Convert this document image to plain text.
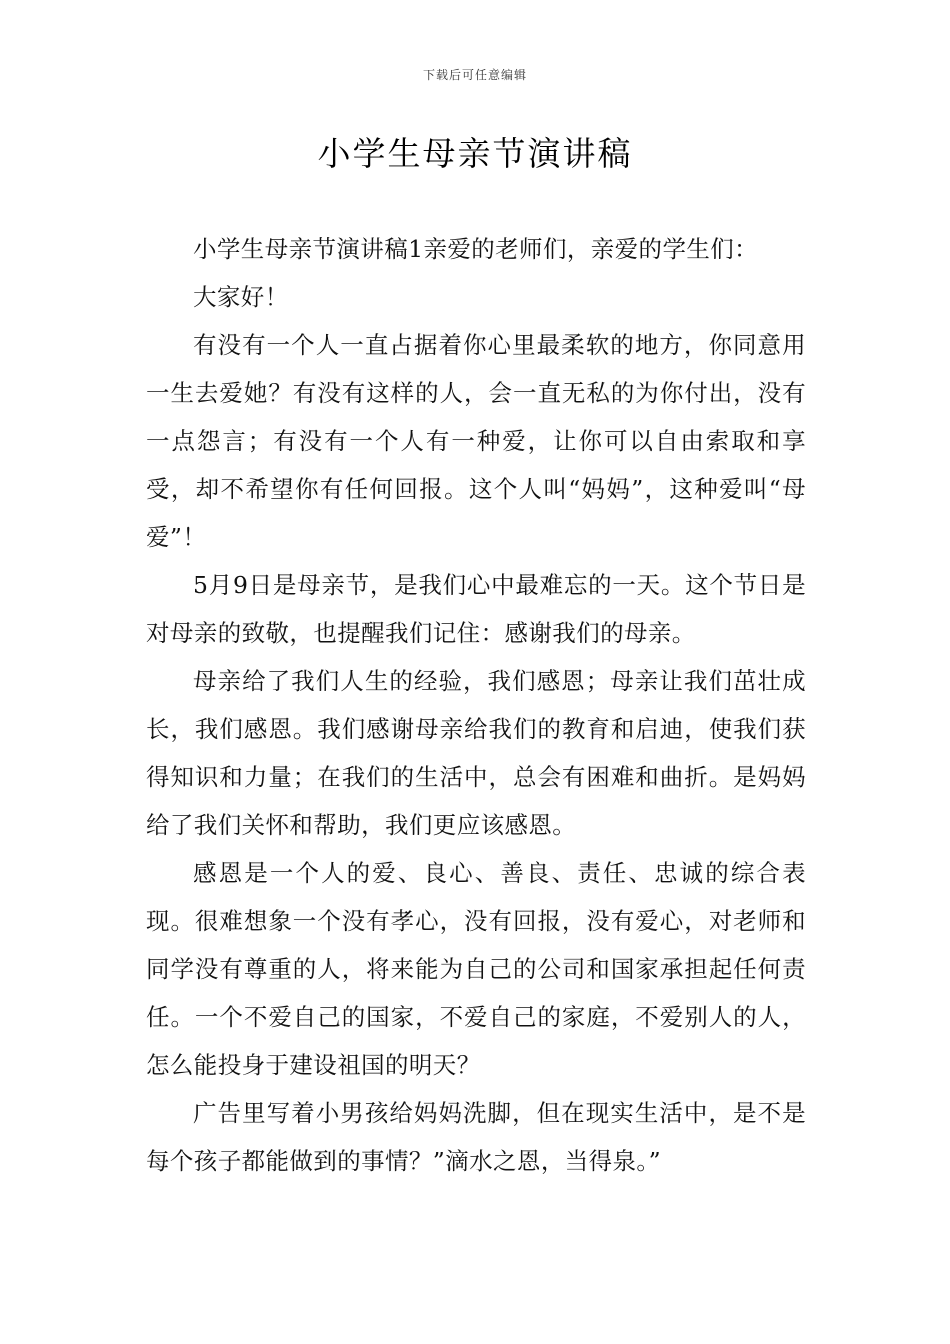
下载后可任意编辑
小学生母亲节演讲稿

小学生母亲节演讲稿1亲爱的老师们，亲爱的学生们：

大家好！

有没有一个人一直占据着你心里最柔软的地方，你同意用一生去爱她？有没有这样的人，会一直无私的为你付出，没有一点怨言；有没有一个人有一种爱，让你可以自由索取和享受，却不希望你有任何回报。这个人叫“妈妈”，这种爱叫“母爱”！

5月9日是母亲节，是我们心中最难忘的一天。这个节日是对母亲的致敬，也提醒我们记住：感谢我们的母亲。

母亲给了我们人生的经验，我们感恩；母亲让我们茁壮成长，我们感恩。我们感谢母亲给我们的教育和启迪，使我们获得知识和力量；在我们的生活中，总会有困难和曲折。是妈妈给了我们关怀和帮助，我们更应该感恩。

感恩是一个人的爱、良心、善良、责任、忠诚的综合表现。很难想象一个没有孝心，没有回报，没有爱心，对老师和同学没有尊重的人，将来能为自己的公司和国家承担起任何责任。一个不爱自己的国家，不爱自己的家庭，不爱别人的人，怎么能投身于建设祖国的明天？

广告里写着小男孩给妈妈洗脚，但在现实生活中，是不是每个孩子都能做到的事情？”滴水之恩，当得泉。”
